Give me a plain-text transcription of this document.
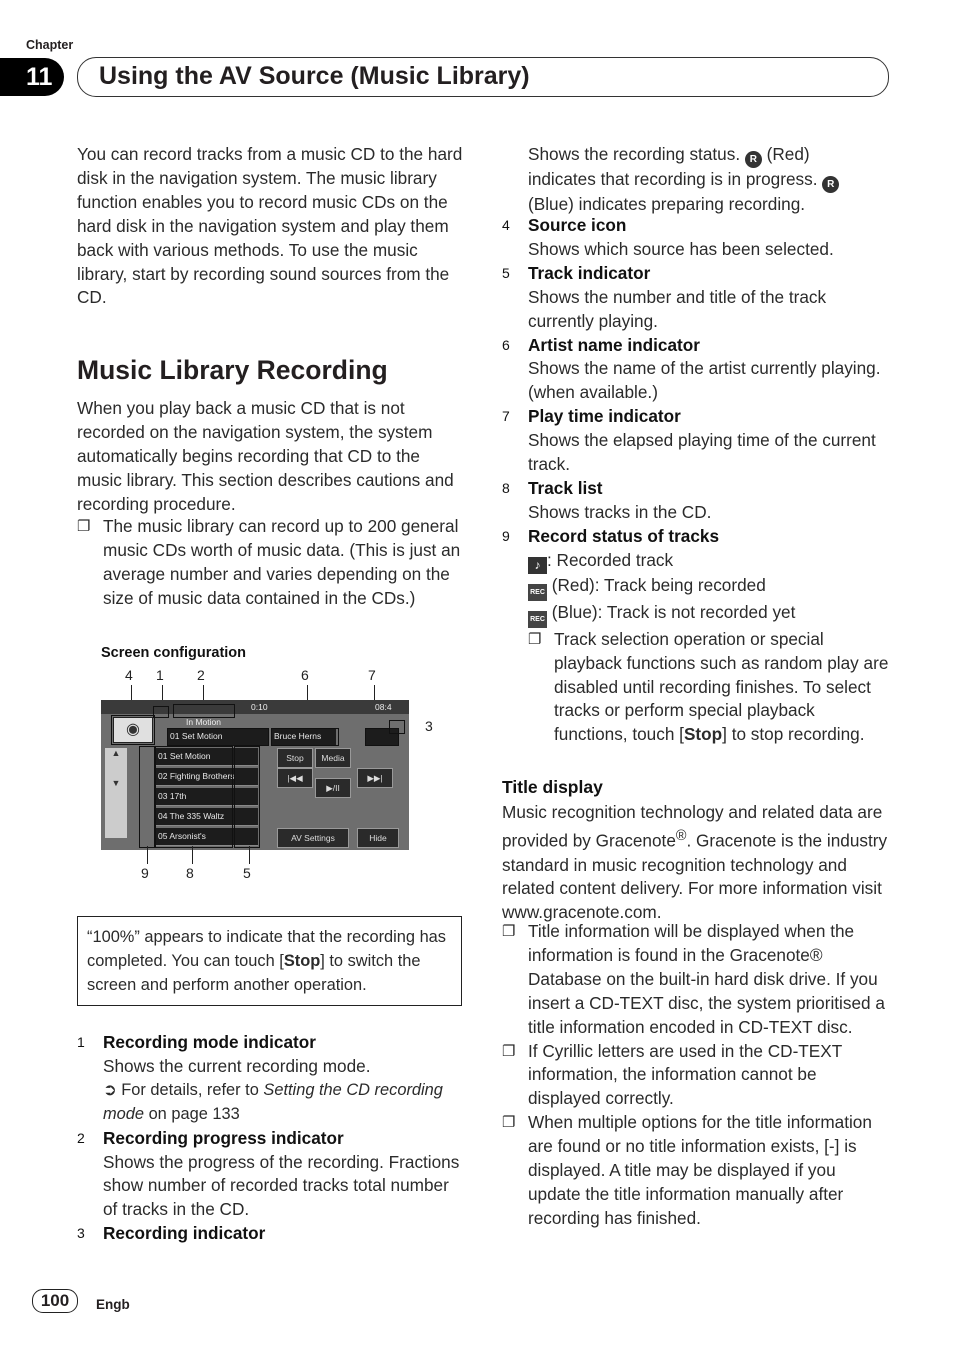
Chapter
11	Using the AV Source (Music Library)

You can record tracks from a music CD to the hard disk in the navigation system. The music library function enables you to record music CDs on the hard disk in the navigation system and play them back with various methods. To use the music library, start by recording sound sources from the CD.

Music Library Recording

When you play back a music CD that is not recorded on the navigation system, the system automatically begins recording that CD to the music library. This section describes cautions and recording procedure.

❐ The music library can record up to 200 general music CDs worth of music data. (This is just an average number and varies depending on the size of music data contained in the CDs.)
Screen configuration
4 1 2	6	7
3
0:10	08:4
◉	In Motion
01 Set Motion	Bruce Herns
▲

▼
01 Set Motion
02 Fighting Brothers
03 17th
04 The 335 Waltz
05 Arsonist's
Stop	Media
|◀◀
▶/II
▶▶|
AV Settings	Hide
9	8	5
“100%” appears to indicate that the recording has completed. You can touch [Stop] to switch the screen and perform another operation.
1 Recording mode indicator
Shows the current recording mode.
➲ For details, refer to Setting the CD recording mode on page 133
2 Recording progress indicator
Shows the progress of the recording. Fractions show number of recorded tracks total number of tracks in the CD.
3 Recording indicator
Shows the recording status. R (Red) indicates that recording is in progress. R (Blue) indicates preparing recording.
4 Source icon
Shows which source has been selected.
5 Track indicator
Shows the number and title of the track currently playing.
6 Artist name indicator
Shows the name of the artist currently playing. (when available.)
7 Play time indicator
Shows the elapsed playing time of the current track.
8 Track list
Shows tracks in the CD.
9 Record status of tracks
♪ : Recorded track
REC (Red): Track being recorded
REC (Blue): Track is not recorded yet
❐ Track selection operation or special playback functions such as random play are disabled until recording finishes. To select tracks or perform special playback functions, touch [Stop] to stop recording.
Title display
Music recognition technology and related data are provided by Gracenote®. Gracenote is the industry standard in music recognition technology and related content delivery. For more information visit www.gracenote.com.
❐ Title information will be displayed when the information is found in the Gracenote® Database on the built-in hard disk drive. If you insert a CD-TEXT disc, the system prioritised a title information encoded in CD-TEXT disc.
❐ If Cyrillic letters are used in the CD-TEXT information, the information cannot be displayed correctly.
❐ When multiple options for the title information are found or no title information exists, [-] is displayed. A title may be displayed if you update the title information manually after recording has finished.
100	Engb
